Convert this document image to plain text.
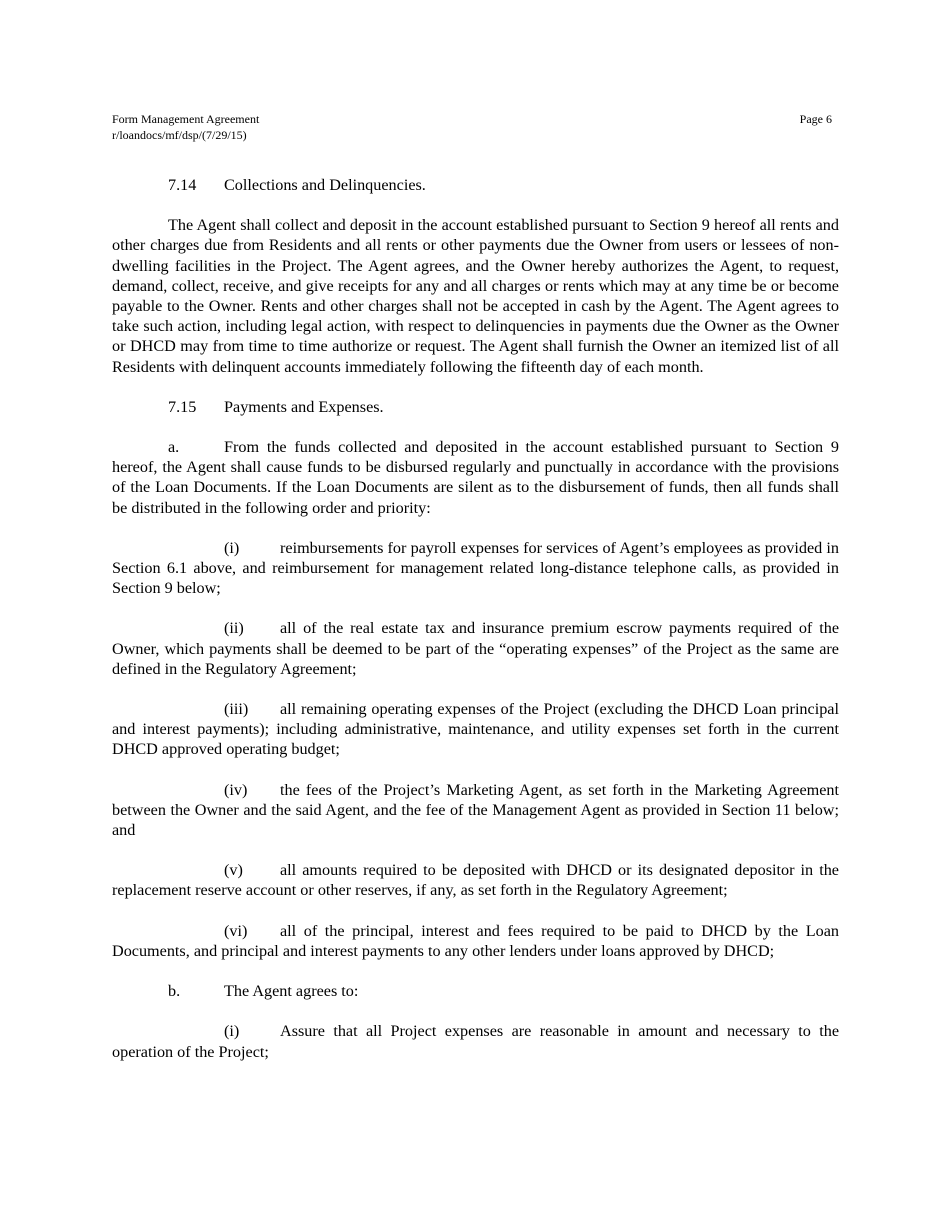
Form Management Agreement
r/loandocs/mf/dsp/(7/29/15)
Page 6
7.14 Collections and Delinquencies.

The Agent shall collect and deposit in the account established pursuant to Section 9 hereof all rents and other charges due from Residents and all rents or other payments due the Owner from users or lessees of non-dwelling facilities in the Project. The Agent agrees, and the Owner hereby authorizes the Agent, to request, demand, collect, receive, and give receipts for any and all charges or rents which may at any time be or become payable to the Owner. Rents and other charges shall not be accepted in cash by the Agent. The Agent agrees to take such action, including legal action, with respect to delinquencies in payments due the Owner as the Owner or DHCD may from time to time authorize or request. The Agent shall furnish the Owner an itemized list of all Residents with delinquent accounts immediately following the fifteenth day of each month.

7.15 Payments and Expenses.

a.	From the funds collected and deposited in the account established pursuant to Section 9 hereof, the Agent shall cause funds to be disbursed regularly and punctually in accordance with the provisions of the Loan Documents. If the Loan Documents are silent as to the disbursement of funds, then all funds shall be distributed in the following order and priority:

(i)	reimbursements for payroll expenses for services of Agent’s employees as provided in Section 6.1 above, and reimbursement for management related long-distance telephone calls, as provided in Section 9 below;

(ii) all of the real estate tax and insurance premium escrow payments required of the Owner, which payments shall be deemed to be part of the “operating expenses” of the Project as the same are defined in the Regulatory Agreement;

(iii) all remaining operating expenses of the Project (excluding the DHCD Loan principal and interest payments); including administrative, maintenance, and utility expenses set forth in the current DHCD approved operating budget;

(iv) the fees of the Project’s Marketing Agent, as set forth in the Marketing Agreement between the Owner and the said Agent, and the fee of the Management Agent as provided in Section 11 below; and

(v) all amounts required to be deposited with DHCD or its designated depositor in the replacement reserve account or other reserves, if any, as set forth in the Regulatory Agreement;

(vi) all of the principal, interest and fees required to be paid to DHCD by the Loan Documents, and principal and interest payments to any other lenders under loans approved by DHCD;

b.	The Agent agrees to:

(i)	Assure that all Project expenses are reasonable in amount and necessary to the operation of the Project;
